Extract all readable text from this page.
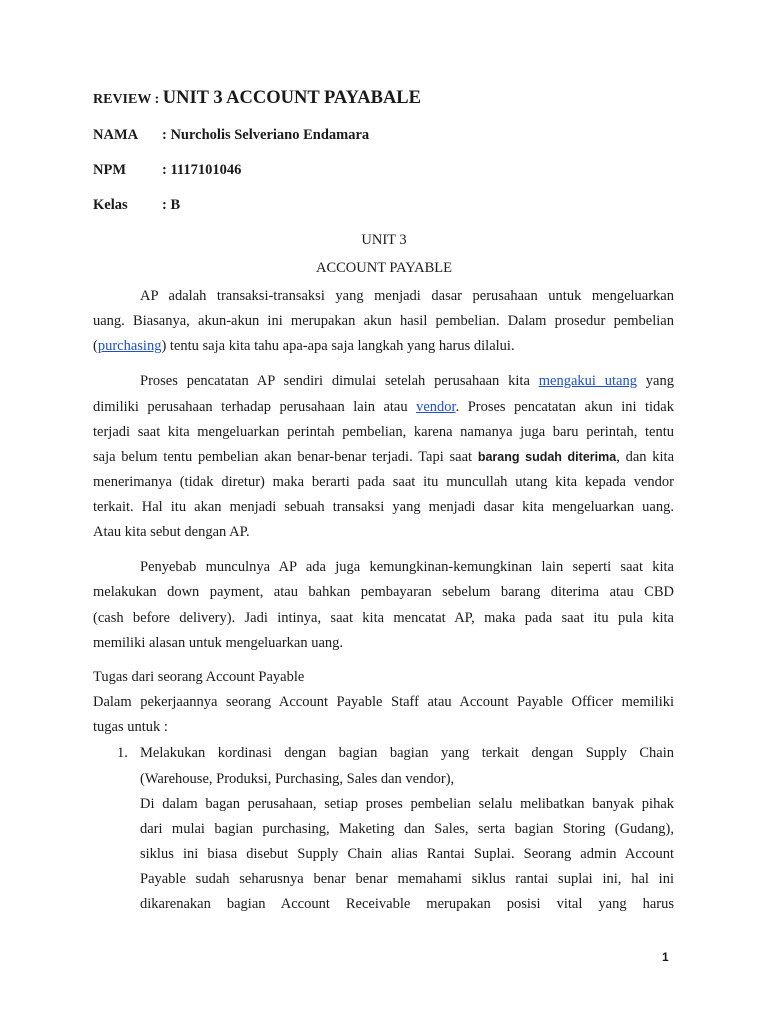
REVIEW : UNIT 3 ACCOUNT PAYABALE
NAMA : Nurcholis Selveriano Endamara
NPM : 1117101046
Kelas : B
UNIT 3
ACCOUNT PAYABLE
AP adalah transaksi-transaksi yang menjadi dasar perusahaan untuk mengeluarkan
uang. Biasanya, akun-akun ini merupakan akun hasil pembelian. Dalam prosedur pembelian
(purchasing) tentu saja kita tahu apa-apa saja langkah yang harus dilalui.
Proses pencatatan AP sendiri dimulai setelah perusahaan kita mengakui utang yang
dimiliki perusahaan terhadap perusahaan lain atau vendor. Proses pencatatan akun ini tidak
terjadi saat kita mengeluarkan perintah pembelian, karena namanya juga baru perintah, tentu
saja belum tentu pembelian akan benar-benar terjadi. Tapi saat barang sudah diterima, dan kita
menerimanya (tidak diretur) maka berarti pada saat itu muncullah utang kita kepada vendor
terkait. Hal itu akan menjadi sebuah transaksi yang menjadi dasar kita mengeluarkan uang.
Atau kita sebut dengan AP.
Penyebab munculnya AP ada juga kemungkinan-kemungkinan lain seperti saat kita
melakukan down payment, atau bahkan pembayaran sebelum barang diterima atau CBD
(cash before delivery). Jadi intinya, saat kita mencatat AP, maka pada saat itu pula kita
memiliki alasan untuk mengeluarkan uang.
Tugas dari seorang Account Payable
Dalam pekerjaannya seorang Account Payable Staff atau Account Payable Officer memiliki
tugas untuk :
1. Melakukan kordinasi dengan bagian bagian yang terkait dengan Supply Chain
(Warehouse, Produksi, Purchasing, Sales dan vendor),
Di dalam bagan perusahaan, setiap proses pembelian selalu melibatkan banyak pihak
dari mulai bagian purchasing, Maketing dan Sales, serta bagian Storing (Gudang),
siklus ini biasa disebut Supply Chain alias Rantai Suplai. Seorang admin Account
Payable sudah seharusnya benar benar memahami siklus rantai suplai ini, hal ini
dikarenakan bagian Account Receivable merupakan posisi vital yang harus
1
